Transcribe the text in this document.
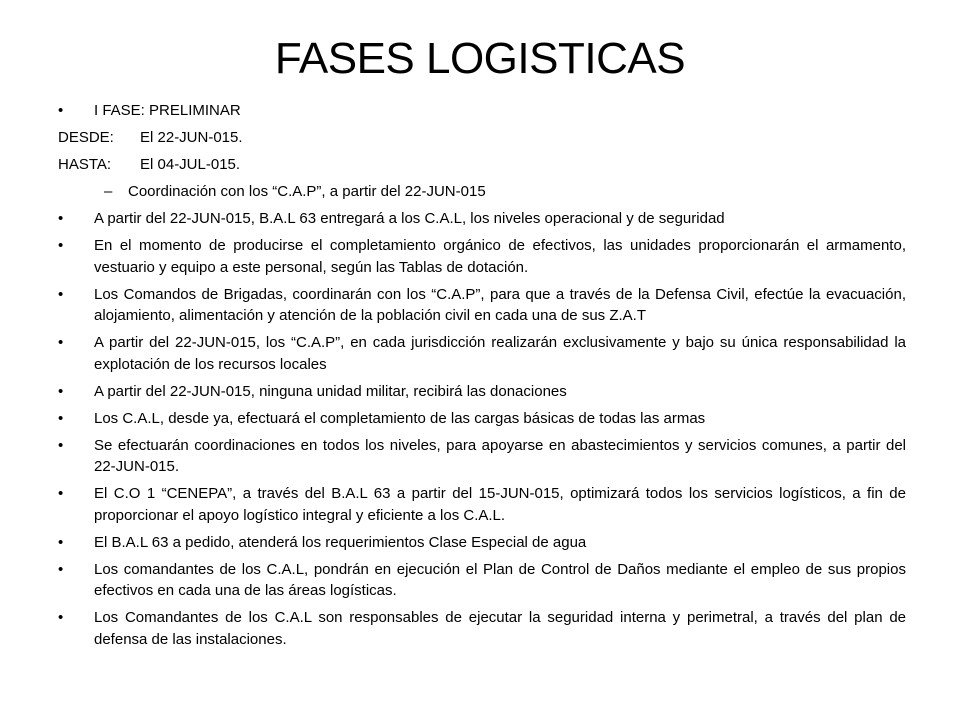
FASES LOGISTICAS
•	I FASE: PRELIMINAR
DESDE:	El 22-JUN-015.
HASTA:	El 04-JUL-015.
– Coordinación con los “C.A.P”, a partir del 22-JUN-015
•	A partir del 22-JUN-015, B.A.L 63 entregará a los C.A.L, los niveles operacional y de seguridad
•	En el momento de producirse el completamiento orgánico de efectivos, las unidades proporcionarán el armamento, vestuario y equipo a este personal, según las Tablas de dotación.
•	Los Comandos de Brigadas, coordinarán con los “C.A.P”, para que a través de la Defensa Civil, efectúe la evacuación, alojamiento, alimentación y atención de la población civil en cada una de sus Z.A.T
•	A partir del 22-JUN-015, los “C.A.P”, en cada jurisdicción realizarán exclusivamente y bajo su única responsabilidad la explotación de los recursos locales
•	A partir del 22-JUN-015, ninguna unidad militar, recibirá las donaciones
•	Los C.A.L, desde ya, efectuará el completamiento de las cargas básicas de todas las armas
•	Se efectuarán coordinaciones en todos los niveles, para apoyarse en abastecimientos y servicios comunes, a partir del 22-JUN-015.
•	El C.O 1 “CENEPA”, a través del B.A.L 63 a partir del 15-JUN-015, optimizará todos los servicios logísticos, a fin de proporcionar el apoyo logístico integral y eficiente a los C.A.L.
•	El B.A.L 63 a pedido, atenderá los requerimientos Clase Especial de agua
•	Los comandantes de los C.A.L, pondrán en ejecución el Plan de Control de Daños mediante el empleo de sus propios efectivos en cada una de las áreas logísticas.
•	Los Comandantes de los C.A.L son responsables de ejecutar la seguridad interna y perimetral, a través del plan de defensa de las instalaciones.
